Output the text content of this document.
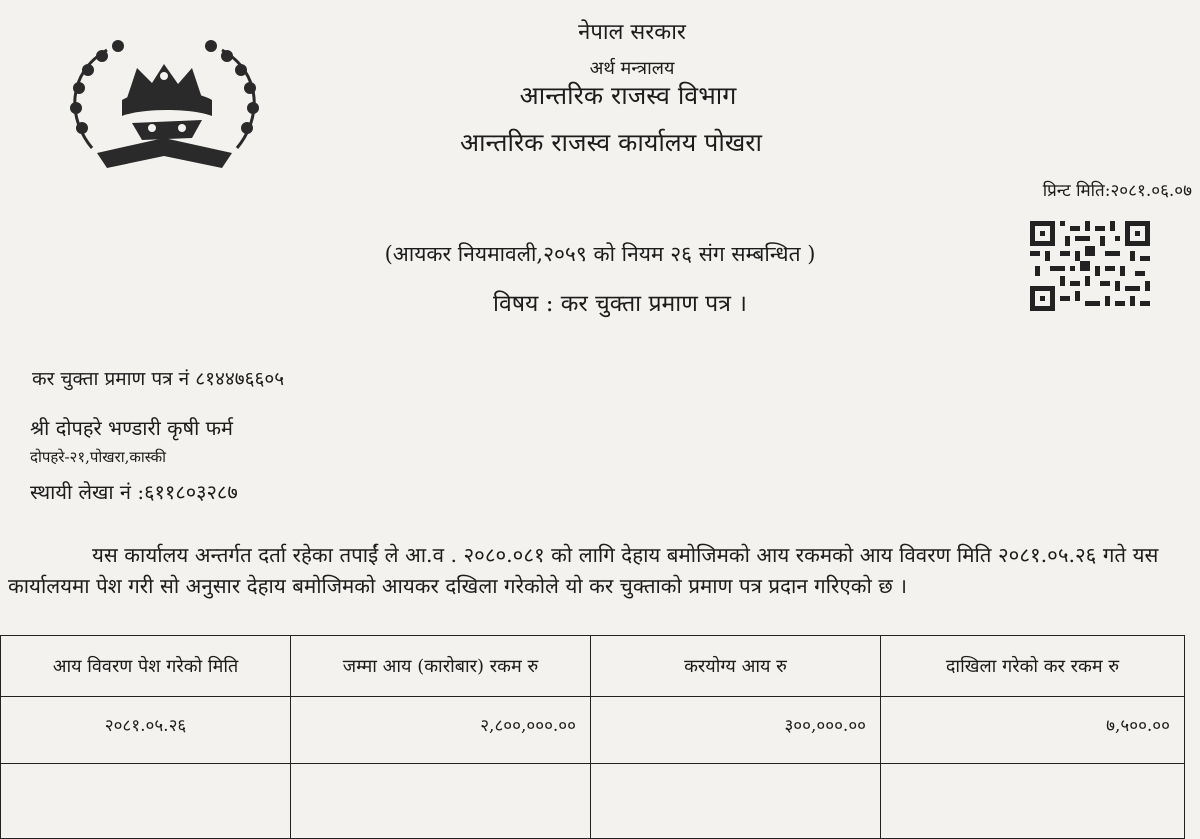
नेपाल सरकार
अर्थ मन्त्रालय
आन्तरिक राजस्व विभाग
आन्तरिक राजस्व कार्यालय पोखरा
प्रिन्ट मिति:२०८१.०६.०७
(आयकर नियमावली,२०५९ को नियम २६ संग सम्बन्धित )
विषय : कर चुक्ता प्रमाण पत्र ।
कर चुक्ता प्रमाण पत्र नं ८१४४७६६०५
श्री दोपहरे भण्डारी कृषी फर्म
दोपहरे-२१,पोखरा,कास्की
स्थायी लेखा नं :६११८०३२८७
यस कार्यालय अन्तर्गत दर्ता रहेका तपाईं ले आ.व . २०८०.०८१ को लागि देहाय बमोजिमको आय रकमको आय विवरण मिति २०८१.०५.२६ गते यस कार्यालयमा पेश गरी सो अनुसार देहाय बमोजिमको आयकर दखिला गरेकोले यो कर चुक्ताको प्रमाण पत्र प्रदान गरिएको छ ।
आय विवरण पेश गरेको मिति	जम्मा आय (कारोबार) रकम रु	करयोग्य आय रु	दाखिला गरेको कर रकम रु
२०८१.०५.२६	२,८००,०००.००	३००,०००.००	७,५००.००
